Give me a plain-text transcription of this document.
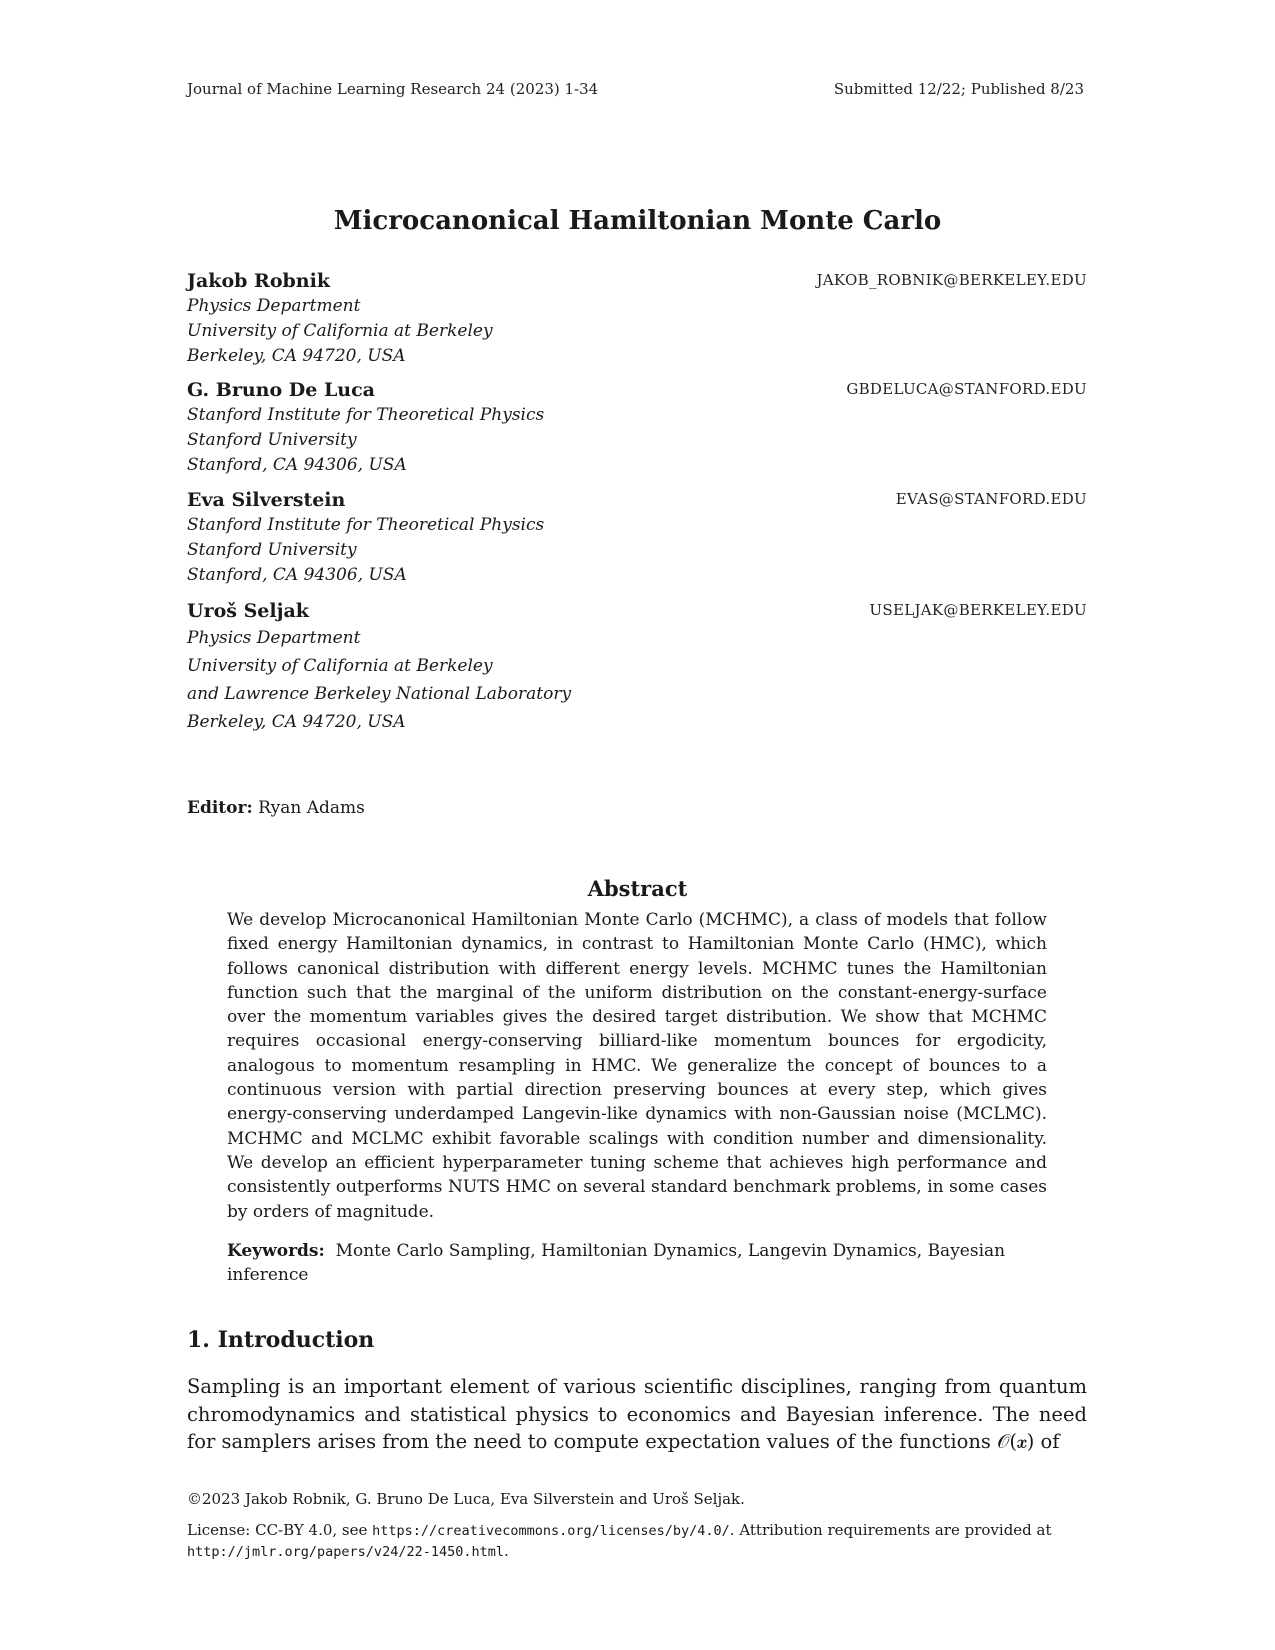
Journal of Machine Learning Research 24 (2023) 1-34	Submitted 12/22; Published 8/23
Microcanonical Hamiltonian Monte Carlo
Jakob Robnik	JAKOB_ROBNIK@BERKELEY.EDU
Physics Department
University of California at Berkeley
Berkeley, CA 94720, USA
G. Bruno De Luca	GBDELUCA@STANFORD.EDU
Stanford Institute for Theoretical Physics
Stanford University
Stanford, CA 94306, USA
Eva Silverstein	EVAS@STANFORD.EDU
Stanford Institute for Theoretical Physics
Stanford University
Stanford, CA 94306, USA
Uroš Seljak	USELJAK@BERKELEY.EDU
Physics Department
University of California at Berkeley
and Lawrence Berkeley National Laboratory
Berkeley, CA 94720, USA
Editor: Ryan Adams
Abstract
We develop Microcanonical Hamiltonian Monte Carlo (MCHMC), a class of models that follow fixed energy Hamiltonian dynamics, in contrast to Hamiltonian Monte Carlo (HMC), which follows canonical distribution with different energy levels. MCHMC tunes the Hamiltonian function such that the marginal of the uniform distribution on the constant-energy-surface over the momentum variables gives the desired target distribution. We show that MCHMC requires occasional energy-conserving billiard-like momentum bounces for ergodicity, analogous to momentum resampling in HMC. We generalize the concept of bounces to a continuous version with partial direction preserving bounces at every step, which gives energy-conserving underdamped Langevin-like dynamics with non-Gaussian noise (MCLMC). MCHMC and MCLMC exhibit favorable scalings with condition number and dimensionality. We develop an efficient hyperparameter tuning scheme that achieves high performance and consistently outperforms NUTS HMC on several standard benchmark problems, in some cases by orders of magnitude.
Keywords: Monte Carlo Sampling, Hamiltonian Dynamics, Langevin Dynamics, Bayesian inference
1. Introduction
Sampling is an important element of various scientific disciplines, ranging from quantum chromodynamics and statistical physics to economics and Bayesian inference. The need for samplers arises from the need to compute expectation values of the functions 𝒪(𝒙) of
©2023 Jakob Robnik, G. Bruno De Luca, Eva Silverstein and Uroš Seljak.
License: CC-BY 4.0, see https://creativecommons.org/licenses/by/4.0/. Attribution requirements are provided at http://jmlr.org/papers/v24/22-1450.html.
